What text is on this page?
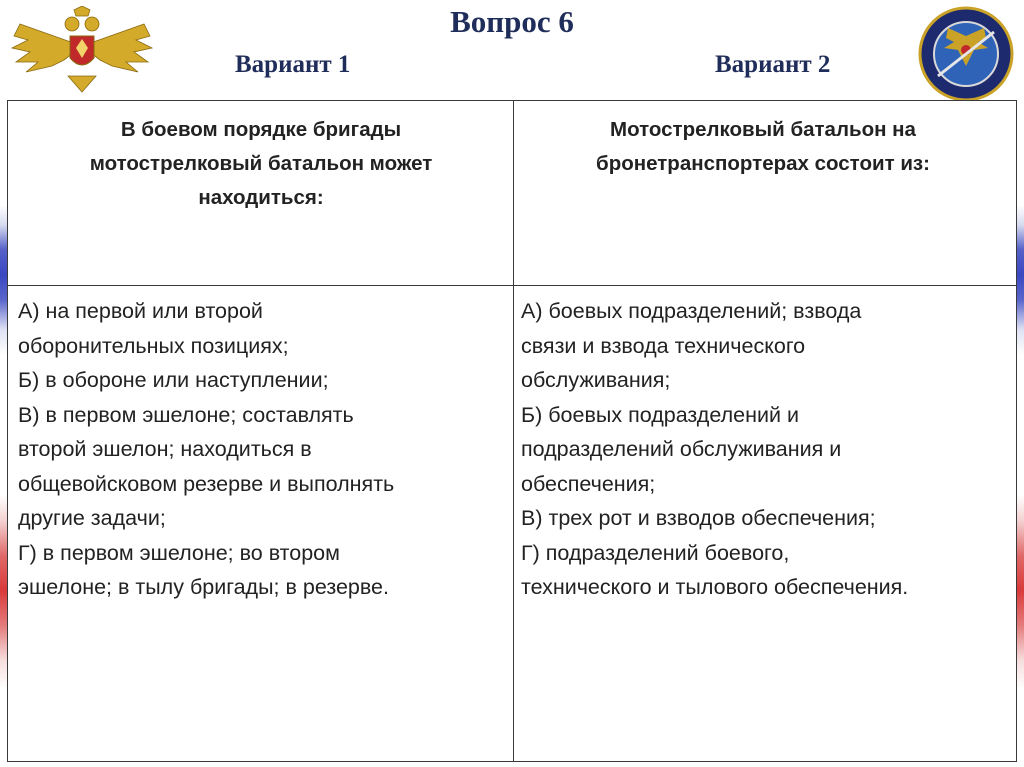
Вопрос 6
Вариант 1	Вариант 2
В боевом порядке бригады
мотострелковый батальон может
находиться:
Мотострелковый батальон на
бронетранспортерах состоит из:
А) на первой или второй
оборонительных позициях;
Б) в обороне или наступлении;
В) в первом эшелоне; составлять
второй эшелон; находиться в
общевойсковом резерве и выполнять
другие задачи;
Г) в первом эшелоне; во втором
эшелоне; в тылу бригады; в резерве.
А) боевых подразделений; взвода
связи и взвода технического
обслуживания;
Б) боевых подразделений и
подразделений обслуживания и
обеспечения;
В) трех рот и взводов обеспечения;
Г) подразделений боевого,
технического и тылового обеспечения.
